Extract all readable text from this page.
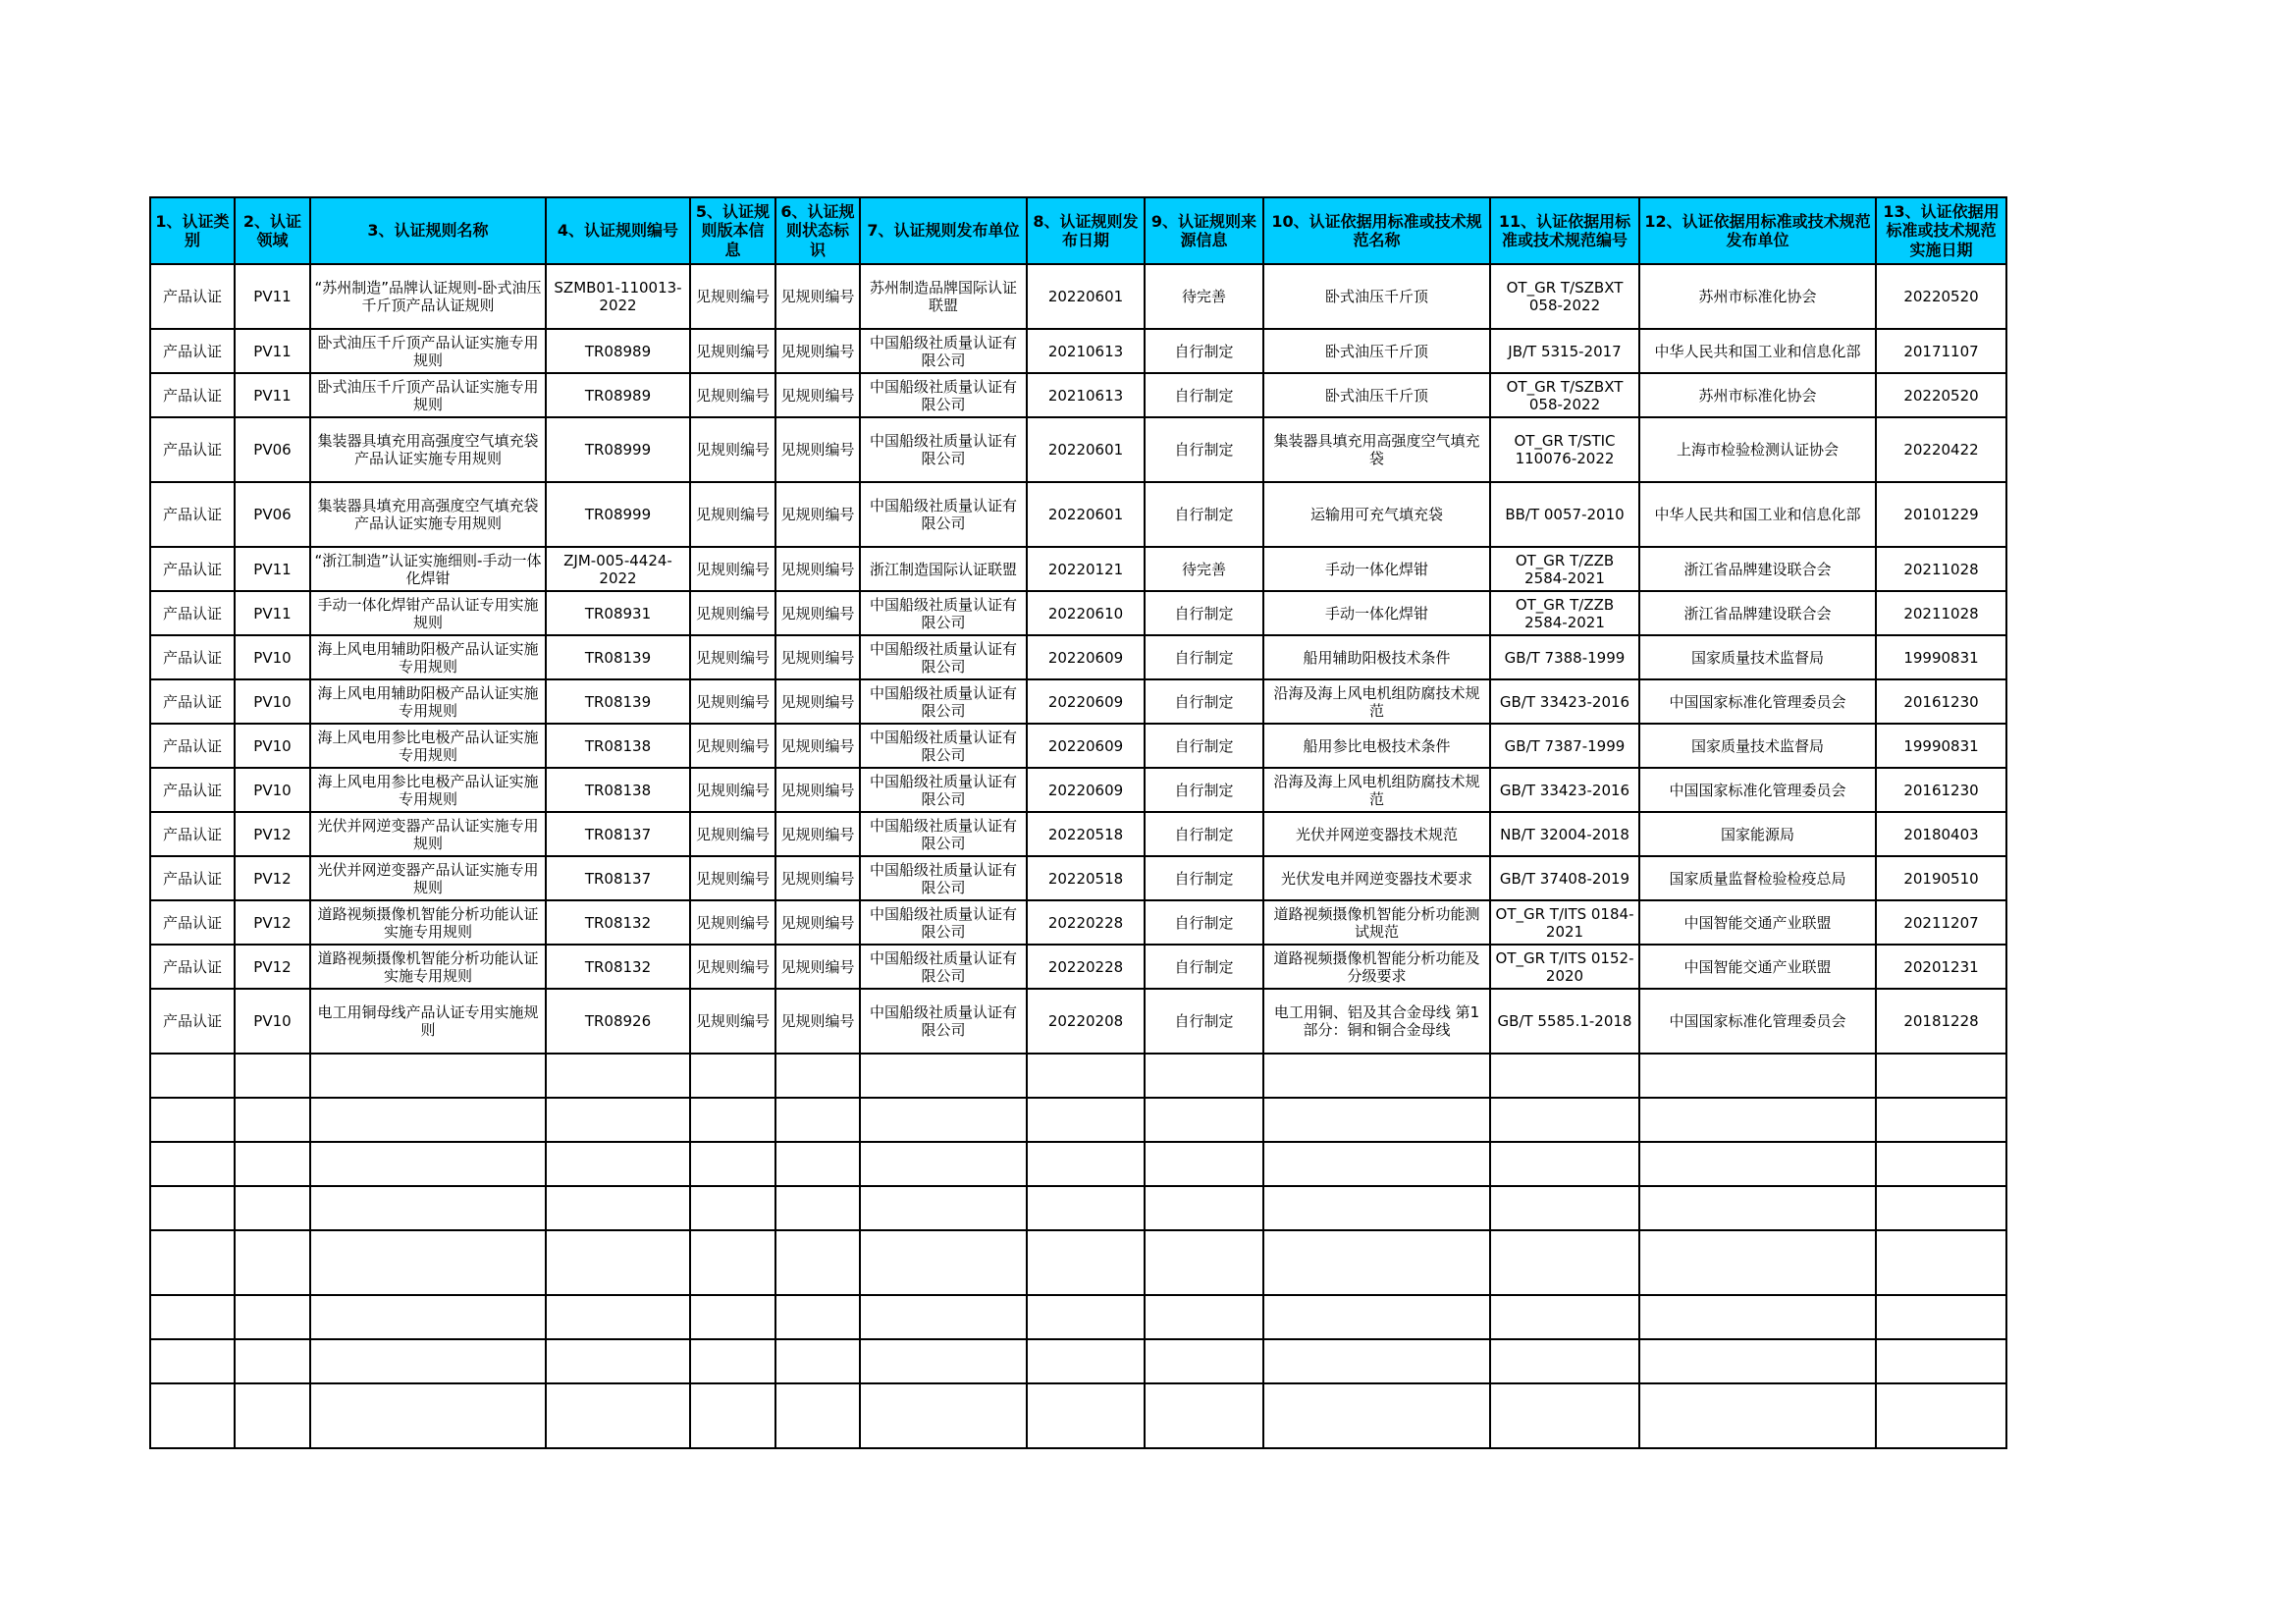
1、认证类别	2、认证领域	3、认证规则名称	4、认证规则编号	5、认证规则版本信息	6、认证规则状态标识	7、认证规则发布单位	8、认证规则发布日期	9、认证规则来源信息	10、认证依据用标准或技术规范名称	11、认证依据用标准或技术规范编号	12、认证依据用标准或技术规范发布单位	13、认证依据用标准或技术规范实施日期
产品认证	PV11	“苏州制造”品牌认证规则-卧式油压千斤顶产品认证规则	SZMB01-110013-2022	见规则编号	见规则编号	苏州制造品牌国际认证联盟	20220601	待完善	卧式油压千斤顶	OT_GR T/SZBXT 058-2022	苏州市标准化协会	20220520
产品认证	PV11	卧式油压千斤顶产品认证实施专用规则	TR08989	见规则编号	见规则编号	中国船级社质量认证有限公司	20210613	自行制定	卧式油压千斤顶	JB/T 5315-2017	中华人民共和国工业和信息化部	20171107
产品认证	PV11	卧式油压千斤顶产品认证实施专用规则	TR08989	见规则编号	见规则编号	中国船级社质量认证有限公司	20210613	自行制定	卧式油压千斤顶	OT_GR T/SZBXT 058-2022	苏州市标准化协会	20220520
产品认证	PV06	集装器具填充用高强度空气填充袋产品认证实施专用规则	TR08999	见规则编号	见规则编号	中国船级社质量认证有限公司	20220601	自行制定	集装器具填充用高强度空气填充袋	OT_GR T/STIC 110076-2022	上海市检验检测认证协会	20220422
产品认证	PV06	集装器具填充用高强度空气填充袋产品认证实施专用规则	TR08999	见规则编号	见规则编号	中国船级社质量认证有限公司	20220601	自行制定	运输用可充气填充袋	BB/T 0057-2010	中华人民共和国工业和信息化部	20101229
产品认证	PV11	“浙江制造”认证实施细则-手动一体化焊钳	ZJM-005-4424-2022	见规则编号	见规则编号	浙江制造国际认证联盟	20220121	待完善	手动一体化焊钳	OT_GR T/ZZB 2584-2021	浙江省品牌建设联合会	20211028
产品认证	PV11	手动一体化焊钳产品认证专用实施规则	TR08931	见规则编号	见规则编号	中国船级社质量认证有限公司	20220610	自行制定	手动一体化焊钳	OT_GR T/ZZB 2584-2021	浙江省品牌建设联合会	20211028
产品认证	PV10	海上风电用辅助阳极产品认证实施专用规则	TR08139	见规则编号	见规则编号	中国船级社质量认证有限公司	20220609	自行制定	船用辅助阳极技术条件	GB/T 7388-1999	国家质量技术监督局	19990831
产品认证	PV10	海上风电用辅助阳极产品认证实施专用规则	TR08139	见规则编号	见规则编号	中国船级社质量认证有限公司	20220609	自行制定	沿海及海上风电机组防腐技术规范	GB/T 33423-2016	中国国家标准化管理委员会	20161230
产品认证	PV10	海上风电用参比电极产品认证实施专用规则	TR08138	见规则编号	见规则编号	中国船级社质量认证有限公司	20220609	自行制定	船用参比电极技术条件	GB/T 7387-1999	国家质量技术监督局	19990831
产品认证	PV10	海上风电用参比电极产品认证实施专用规则	TR08138	见规则编号	见规则编号	中国船级社质量认证有限公司	20220609	自行制定	沿海及海上风电机组防腐技术规范	GB/T 33423-2016	中国国家标准化管理委员会	20161230
产品认证	PV12	光伏并网逆变器产品认证实施专用规则	TR08137	见规则编号	见规则编号	中国船级社质量认证有限公司	20220518	自行制定	光伏并网逆变器技术规范	NB/T 32004-2018	国家能源局	20180403
产品认证	PV12	光伏并网逆变器产品认证实施专用规则	TR08137	见规则编号	见规则编号	中国船级社质量认证有限公司	20220518	自行制定	光伏发电并网逆变器技术要求	GB/T 37408-2019	国家质量监督检验检疫总局	20190510
产品认证	PV12	道路视频摄像机智能分析功能认证实施专用规则	TR08132	见规则编号	见规则编号	中国船级社质量认证有限公司	20220228	自行制定	道路视频摄像机智能分析功能测试规范	OT_GR T/ITS 0184-2021	中国智能交通产业联盟	20211207
产品认证	PV12	道路视频摄像机智能分析功能认证实施专用规则	TR08132	见规则编号	见规则编号	中国船级社质量认证有限公司	20220228	自行制定	道路视频摄像机智能分析功能及分级要求	OT_GR T/ITS 0152-2020	中国智能交通产业联盟	20201231
产品认证	PV10	电工用铜母线产品认证专用实施规则	TR08926	见规则编号	见规则编号	中国船级社质量认证有限公司	20220208	自行制定	电工用铜、铝及其合金母线 第1部分：铜和铜合金母线	GB/T 5585.1-2018	中国国家标准化管理委员会	20181228
